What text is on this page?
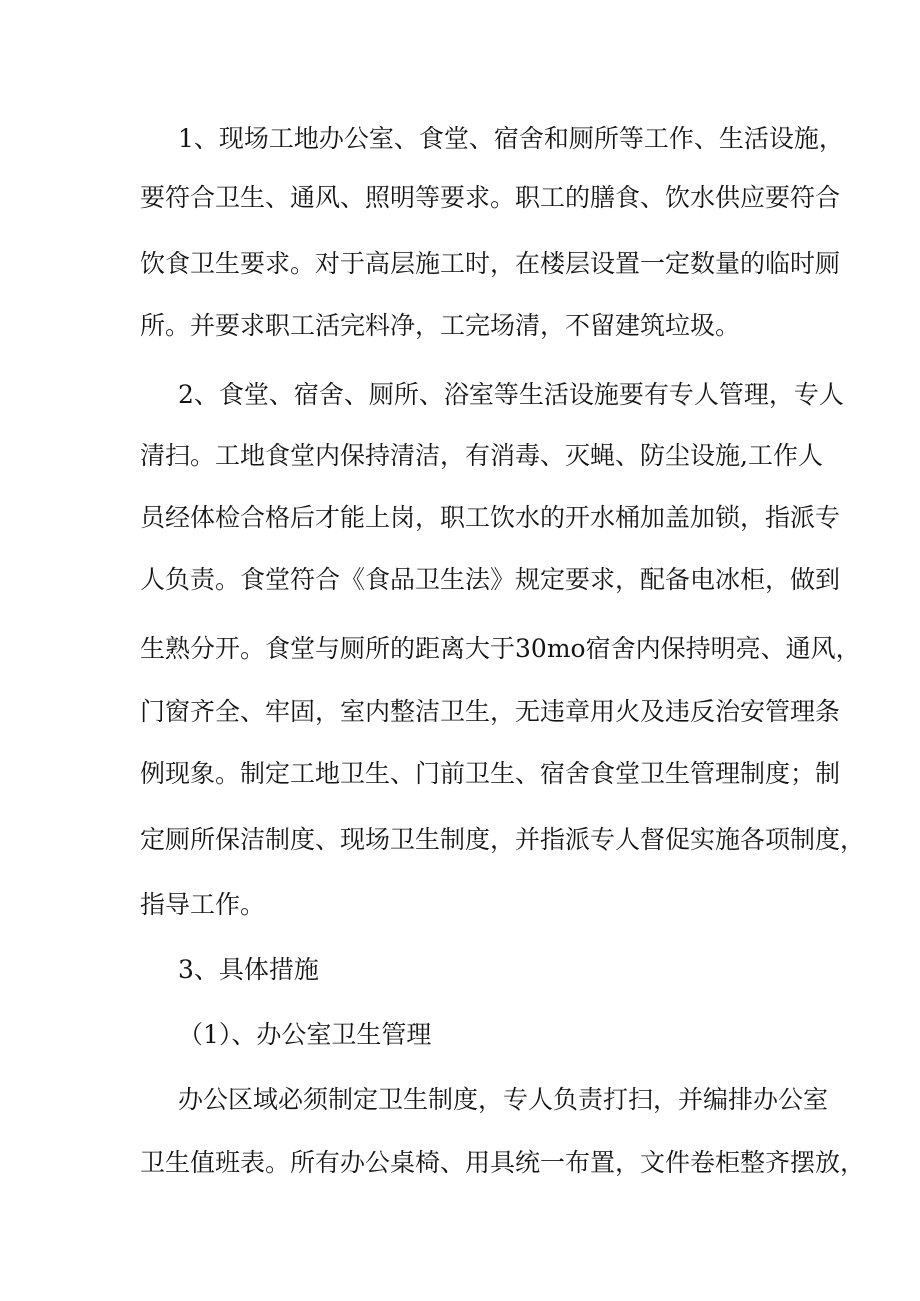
1、现场工地办公室、食堂、宿舍和厕所等工作、生活设施，
要符合卫生、通风、照明等要求。职工的膳食、饮水供应要符合
饮食卫生要求。对于高层施工时，在楼层设置一定数量的临时厕
所。并要求职工活完料净，工完场清，不留建筑垃圾。
2、食堂、宿舍、厕所、浴室等生活设施要有专人管理，专人
清扫。工地食堂内保持清洁，有消毒、灭蝇、防尘设施,工作人
员经体检合格后才能上岗，职工饮水的开水桶加盖加锁，指派专
人负责。食堂符合《食品卫生法》规定要求，配备电冰柜，做到
生熟分开。食堂与厕所的距离大于30mo宿舍内保持明亮、通风，
门窗齐全、牢固，室内整洁卫生，无违章用火及违反治安管理条
例现象。制定工地卫生、门前卫生、宿舍食堂卫生管理制度；制
定厕所保洁制度、现场卫生制度，并指派专人督促实施各项制度，
指导工作。
3、具体措施
（1）、办公室卫生管理
办公区域必须制定卫生制度，专人负责打扫，并编排办公室
卫生值班表。所有办公桌椅、用具统一布置，文件卷柜整齐摆放，
